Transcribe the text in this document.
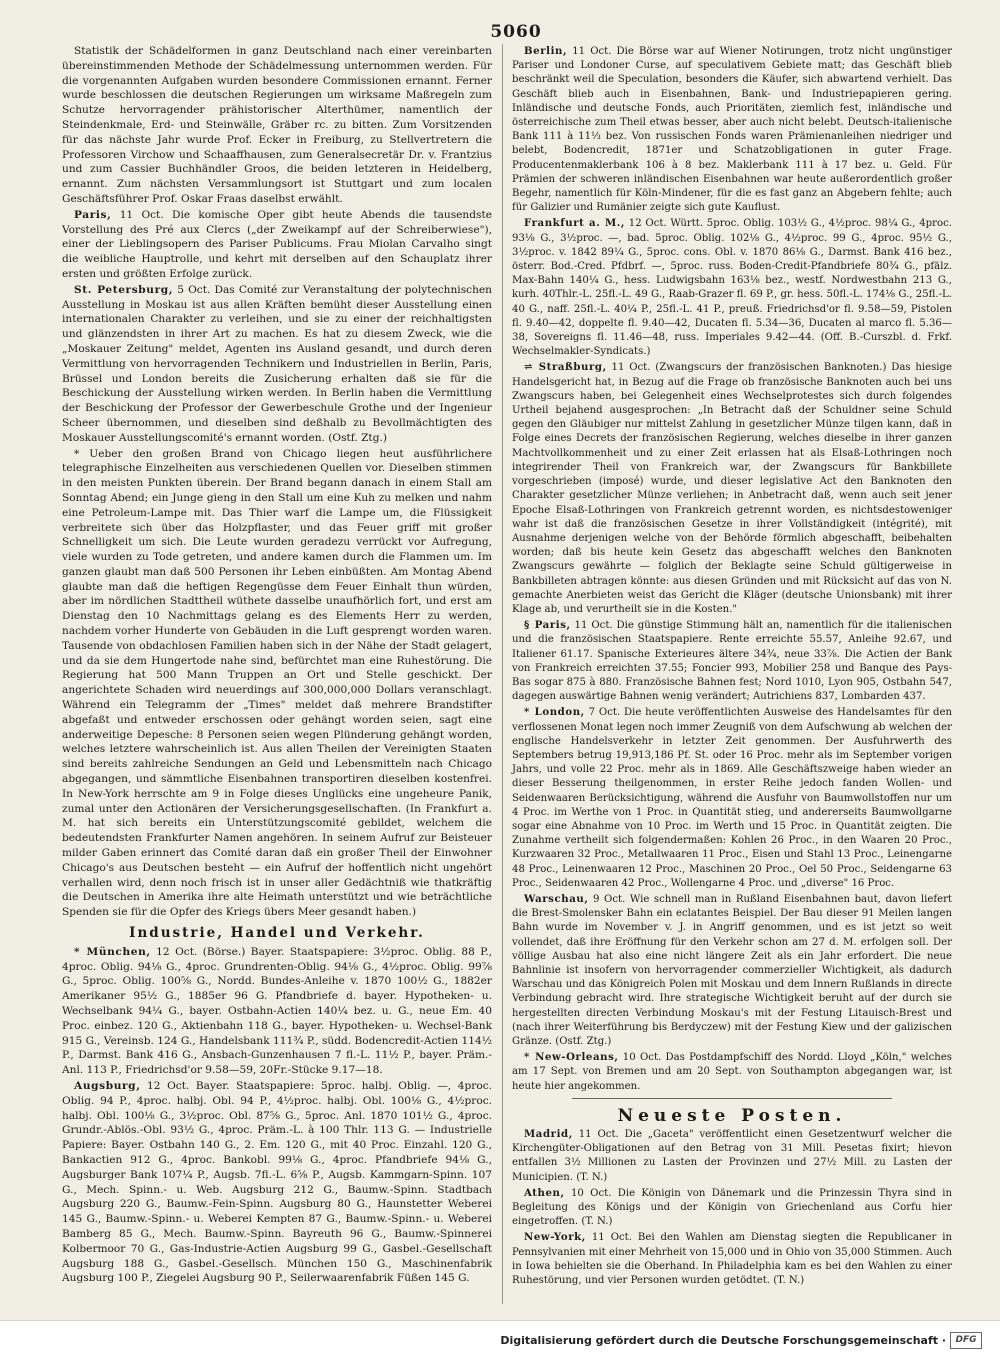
5060

Statistik der Schädelformen in ganz Deutschland nach einer vereinbarten übereinstimmenden Methode der Schädelmessung unternommen werden. Für die vorgenannten Aufgaben wurden besondere Commissionen ernannt. Ferner wurde beschlossen die deutschen Regierungen um wirksame Maßregeln zum Schutze hervorragender prähistorischer Alterthümer, namentlich der Steindenkmale, Erd- und Steinwälle, Gräber rc. zu bitten. Zum Vorsitzenden für das nächste Jahr wurde Prof. Ecker in Freiburg, zu Stellvertretern die Professoren Virchow und Schaaffhausen, zum Generalsecretär Dr. v. Frantzius und zum Cassier Buchhändler Groos, die beiden letzteren in Heidelberg, ernannt. Zum nächsten Versammlungsort ist Stuttgart und zum localen Geschäftsführer Prof. Oskar Fraas daselbst erwählt.

Paris, 11 Oct. Die komische Oper gibt heute Abends die tausendste Vorstellung des Pré aux Clercs („der Zweikampf auf der Schreiberwiese"), einer der Lieblingsopern des Pariser Publicums. Frau Miolan Carvalho singt die weibliche Hauptrolle, und kehrt mit derselben auf den Schauplatz ihrer ersten und größten Erfolge zurück.

St. Petersburg, 5 Oct. Das Comité zur Veranstaltung der polytechnischen Ausstellung in Moskau ist aus allen Kräften bemüht dieser Ausstellung einen internationalen Charakter zu verleihen, und sie zu einer der reichhaltigsten und glänzendsten in ihrer Art zu machen. Es hat zu diesem Zweck, wie die „Moskauer Zeitung" meldet, Agenten ins Ausland gesandt, und durch deren Vermittlung von hervorragenden Technikern und Industriellen in Berlin, Paris, Brüssel und London bereits die Zusicherung erhalten daß sie für die Beschickung der Ausstellung wirken werden. In Berlin haben die Vermittlung der Beschickung der Professor der Gewerbeschule Grothe und der Ingenieur Scheer übernommen, und dieselben sind deßhalb zu Bevollmächtigten des Moskauer Ausstellungscomité's ernannt worden. (Ostf. Ztg.)

* Ueber den großen Brand von Chicago liegen heut ausführlichere telegraphische Einzelheiten aus verschiedenen Quellen vor. Dieselben stimmen in den meisten Punkten überein. Der Brand begann danach in einem Stall am Sonntag Abend; ein Junge gieng in den Stall um eine Kuh zu melken und nahm eine Petroleum-Lampe mit. Das Thier warf die Lampe um, die Flüssigkeit verbreitete sich über das Holzpflaster, und das Feuer griff mit großer Schnelligkeit um sich. Die Leute wurden geradezu verrückt vor Aufregung, viele wurden zu Tode getreten, und andere kamen durch die Flammen um. Im ganzen glaubt man daß 500 Personen ihr Leben einbüßten. Am Montag Abend glaubte man daß die heftigen Regengüsse dem Feuer Einhalt thun würden, aber im nördlichen Stadttheil wüthete dasselbe unaufhörlich fort, und erst am Dienstag den 10 Nachmittags gelang es des Elements Herr zu werden, nachdem vorher Hunderte von Gebäuden in die Luft gesprengt worden waren. Tausende von obdachlosen Familien haben sich in der Nähe der Stadt gelagert, und da sie dem Hungertode nahe sind, befürchtet man eine Ruhestörung. Die Regierung hat 500 Mann Truppen an Ort und Stelle geschickt. Der angerichtete Schaden wird neuerdings auf 300,000,000 Dollars veranschlagt. Während ein Telegramm der „Times" meldet daß mehrere Brandstifter abgefaßt und entweder erschossen oder gehängt worden seien, sagt eine anderweitige Depesche: 8 Personen seien wegen Plünderung gehängt worden, welches letztere wahrscheinlich ist. Aus allen Theilen der Vereinigten Staaten sind bereits zahlreiche Sendungen an Geld und Lebensmitteln nach Chicago abgegangen, und sämmtliche Eisenbahnen transportiren dieselben kostenfrei. In New-York herrschte am 9 in Folge dieses Unglücks eine ungeheure Panik, zumal unter den Actionären der Versicherungsgesellschaften. (In Frankfurt a. M. hat sich bereits ein Unterstützungscomité gebildet, welchem die bedeutendsten Frankfurter Namen angehören. In seinem Aufruf zur Beisteuer milder Gaben erinnert das Comité daran daß ein großer Theil der Einwohner Chicago's aus Deutschen besteht — ein Aufruf der hoffentlich nicht ungehört verhallen wird, denn noch frisch ist in unser aller Gedächtniß wie thatkräftig die Deutschen in Amerika ihre alte Heimath unterstützt und wie beträchtliche Spenden sie für die Opfer des Kriegs übers Meer gesandt haben.)

Industrie, Handel und Verkehr.

* München, 12 Oct. (Börse.) Bayer. Staatspapiere: 3½proc. Oblig. 88 P., 4proc. Oblig. 94⅛ G., 4proc. Grundrenten-Oblig. 94⅛ G., 4½proc. Oblig. 99⅞ G., 5proc. Oblig. 100⅝ G., Nordd. Bundes-Anleihe v. 1870 100½ G., 1882er Amerikaner 95½ G., 1885er 96 G. Pfandbriefe d. bayer. Hypotheken- u. Wechselbank 94¼ G., bayer. Ostbahn-Actien 140¼ bez. u. G., neue Em. 40 Proc. einbez. 120 G., Aktienbahn 118 G., bayer. Hypotheken- u. Wechsel-Bank 915 G., Vereinsb. 124 G., Handelsbank 111¾ P., südd. Bodencredit-Actien 114½ P., Darmst. Bank 416 G., Ansbach-Gunzenhausen 7 fl.-L. 11½ P., bayer. Präm.-Anl. 113 P., Friedrichsd'or 9.58—59, 20Fr.-Stücke 9.17—18.

Augsburg, 12 Oct. Bayer. Staatspapiere: 5proc. halbj. Oblig. —, 4proc. Oblig. 94 P., 4proc. halbj. Obl. 94 P., 4½proc. halbj. Obl. 100⅛ G., 4½proc. halbj. Obl. 100⅛ G., 3½proc. Obl. 87⅝ G., 5proc. Anl. 1870 101½ G., 4proc. Grundr.-Ablös.-Obl. 93½ G., 4proc. Präm.-L. à 100 Thlr. 113 G. — Industrielle Papiere: Bayer. Ostbahn 140 G., 2. Em. 120 G., mit 40 Proc. Einzahl. 120 G., Bankactien 912 G., 4proc. Bankobl. 99⅛ G., 4proc. Pfandbriefe 94⅛ G., Augsburger Bank 107¼ P., Augsb. 7fl.-L. 6⅝ P., Augsb. Kammgarn-Spinn. 107 G., Mech. Spinn.- u. Web. Augsburg 212 G., Baumw.-Spinn. Stadtbach Augsburg 220 G., Baumw.-Fein-Spinn. Augsburg 80 G., Haunstetter Weberei 145 G., Baumw.-Spinn.- u. Weberei Kempten 87 G., Baumw.-Spinn.- u. Weberei Bamberg 85 G., Mech. Baumw.-Spinn. Bayreuth 96 G., Baumw.-Spinnerei Kolbermoor 70 G., Gas-Industrie-Actien Augsburg 99 G., Gasbel.-Gesellschaft Augsburg 188 G., Gasbel.-Gesellsch. München 150 G., Maschinenfabrik Augsburg 100 P., Ziegelei Augsburg 90 P., Seilerwaarenfabrik Füßen 145 G.

Berlin, 11 Oct. Die Börse war auf Wiener Notirungen, trotz nicht ungünstiger Pariser und Londoner Curse, auf speculativem Gebiete matt; das Geschäft blieb beschränkt weil die Speculation, besonders die Käufer, sich abwartend verhielt. Das Geschäft blieb auch in Eisenbahnen, Bank- und Industriepapieren gering. Inländische und deutsche Fonds, auch Prioritäten, ziemlich fest, inländische und österreichische zum Theil etwas besser, aber auch nicht belebt. Deutsch-italienische Bank 111 à 11⅓ bez. Von russischen Fonds waren Prämienanleihen niedriger und belebt, Bodencredit, 1871er und Schatzobligationen in guter Frage. Producentenmaklerbank 106 à 8 bez. Maklerbank 111 à 17 bez. u. Geld. Für Prämien der schweren inländischen Eisenbahnen war heute außerordentlich großer Begehr, namentlich für Köln-Mindener, für die es fast ganz an Abgebern fehlte; auch für Galizier und Rumänier zeigte sich gute Kauflust.

Frankfurt a. M., 12 Oct. Württ. 5proc. Oblig. 103½ G., 4½proc. 98¼ G., 4proc. 93⅛ G., 3½proc. —, bad. 5proc. Oblig. 102⅛ G., 4½proc. 99 G., 4proc. 95½ G., 3½proc. v. 1842 89¼ G., 5proc. cons. Obl. v. 1870 86⅛ G., Darmst. Bank 416 bez., österr. Bod.-Cred. Pfdbrf. —, 5proc. russ. Boden-Credit-Pfandbriefe 80¾ G., pfälz. Max-Bahn 140¼ G., hess. Ludwigsbahn 163⅛ bez., westf. Nordwestbahn 213 G., kurh. 40Thlr.-L. 25fl.-L. 49 G., Raab-Grazer fl. 69 P., gr. hess. 50fl.-L. 174⅛ G., 25fl.-L. 40 G., naff. 25fl.-L. 40¼ P., 25fl.-L. 41 P., preuß. Friedrichsd'or fl. 9.58—59, Pistolen fl. 9.40—42, doppelte fl. 9.40—42, Ducaten fl. 5.34—36, Ducaten al marco fl. 5.36—38, Sovereigns fl. 11.46—48, russ. Imperiales 9.42—44. (Off. B.-Curszbl. d. Frkf. Wechselmakler-Syndicats.)

⇌ Straßburg, 11 Oct. (Zwangscurs der französischen Banknoten.) Das hiesige Handelsgericht hat, in Bezug auf die Frage ob französische Banknoten auch bei uns Zwangscurs haben, bei Gelegenheit eines Wechselprotestes sich durch folgendes Urtheil bejahend ausgesprochen: „In Betracht daß der Schuldner seine Schuld gegen den Gläubiger nur mittelst Zahlung in gesetzlicher Münze tilgen kann, daß in Folge eines Decrets der französischen Regierung, welches dieselbe in ihrer ganzen Machtvollkommenheit und zu einer Zeit erlassen hat als Elsaß-Lothringen noch integrirender Theil von Frankreich war, der Zwangscurs für Bankbillete vorgeschrieben (imposé) wurde, und dieser legislative Act den Banknoten den Charakter gesetzlicher Münze verliehen; in Anbetracht daß, wenn auch seit jener Epoche Elsaß-Lothringen von Frankreich getrennt worden, es nichtsdestoweniger wahr ist daß die französischen Gesetze in ihrer Vollständigkeit (intégrité), mit Ausnahme derjenigen welche von der Behörde förmlich abgeschafft, beibehalten worden; daß bis heute kein Gesetz das abgeschafft welches den Banknoten Zwangscurs gewährte — folglich der Beklagte seine Schuld gültigerweise in Bankbilleten abtragen könnte: aus diesen Gründen und mit Rücksicht auf das von N. gemachte Anerbieten weist das Gericht die Kläger (deutsche Unionsbank) mit ihrer Klage ab, und verurtheilt sie in die Kosten."

§ Paris, 11 Oct. Die günstige Stimmung hält an, namentlich für die italienischen und die französischen Staatspapiere. Rente erreichte 55.57, Anleihe 92.67, und Italiener 61.17. Spanische Exterieures ältere 34¾, neue 33⅞. Die Actien der Bank von Frankreich erreichten 37.55; Foncier 993, Mobilier 258 und Banque des Pays-Bas sogar 875 à 880. Französische Bahnen fest; Nord 1010, Lyon 905, Ostbahn 547, dagegen auswärtige Bahnen wenig verändert; Autrichiens 837, Lombarden 437.

* London, 7 Oct. Die heute veröffentlichten Ausweise des Handelsamtes für den verflossenen Monat legen noch immer Zeugniß von dem Aufschwung ab welchen der englische Handelsverkehr in letzter Zeit genommen. Der Ausfuhrwerth des Septembers betrug 19,913,186 Pf. St. oder 16 Proc. mehr als im September vorigen Jahrs, und volle 22 Proc. mehr als in 1869. Alle Geschäftszweige haben wieder an dieser Besserung theilgenommen, in erster Reihe jedoch fanden Wollen- und Seidenwaaren Berücksichtigung, während die Ausfuhr von Baumwollstoffen nur um 4 Proc. im Werthe von 1 Proc. in Quantität stieg, und andererseits Baumwollgarne sogar eine Abnahme von 10 Proc. im Werth und 15 Proc. in Quantität zeigten. Die Zunahme vertheilt sich folgendermaßen: Kohlen 26 Proc., in den Waaren 20 Proc., Kurzwaaren 32 Proc., Metallwaaren 11 Proc., Eisen und Stahl 13 Proc., Leinengarne 48 Proc., Leinenwaaren 12 Proc., Maschinen 20 Proc., Oel 50 Proc., Seidengarne 63 Proc., Seidenwaaren 42 Proc., Wollengarne 4 Proc. und „diverse" 16 Proc.

Warschau, 9 Oct. Wie schnell man in Rußland Eisenbahnen baut, davon liefert die Brest-Smolensker Bahn ein eclatantes Beispiel. Der Bau dieser 91 Meilen langen Bahn wurde im November v. J. in Angriff genommen, und es ist jetzt so weit vollendet, daß ihre Eröffnung für den Verkehr schon am 27 d. M. erfolgen soll. Der völlige Ausbau hat also eine nicht längere Zeit als ein Jahr erfordert. Die neue Bahnlinie ist insofern von hervorragender commerzieller Wichtigkeit, als dadurch Warschau und das Königreich Polen mit Moskau und dem Innern Rußlands in directe Verbindung gebracht wird. Ihre strategische Wichtigkeit beruht auf der durch sie hergestellten directen Verbindung Moskau's mit der Festung Litauisch-Brest und (nach ihrer Weiterführung bis Berdyczew) mit der Festung Kiew und der galizischen Gränze. (Ostf. Ztg.)

* New-Orleans, 10 Oct. Das Postdampfschiff des Nordd. Lloyd „Köln," welches am 17 Sept. von Bremen und am 20 Sept. von Southampton abgegangen war, ist heute hier angekommen.

Neueste Posten.

Madrid, 11 Oct. Die „Gaceta" veröffentlicht einen Gesetzentwurf welcher die Kirchengüter-Obligationen auf den Betrag von 31 Mill. Pesetas fixirt; hievon entfallen 3½ Millionen zu Lasten der Provinzen und 27½ Mill. zu Lasten der Municipien. (T. N.)

Athen, 10 Oct. Die Königin von Dänemark und die Prinzessin Thyra sind in Begleitung des Königs und der Königin von Griechenland aus Corfu hier eingetroffen. (T. N.)

New-York, 11 Oct. Bei den Wahlen am Dienstag siegten die Republicaner in Pennsylvanien mit einer Mehrheit von 15,000 und in Ohio von 35,000 Stimmen. Auch in Iowa behielten sie die Oberhand. In Philadelphia kam es bei den Wahlen zu einer Ruhestörung, und vier Personen wurden getödtet. (T. N.)

Digitalisierung gefördert durch die Deutsche Forschungsgemeinschaft ·	DFG
